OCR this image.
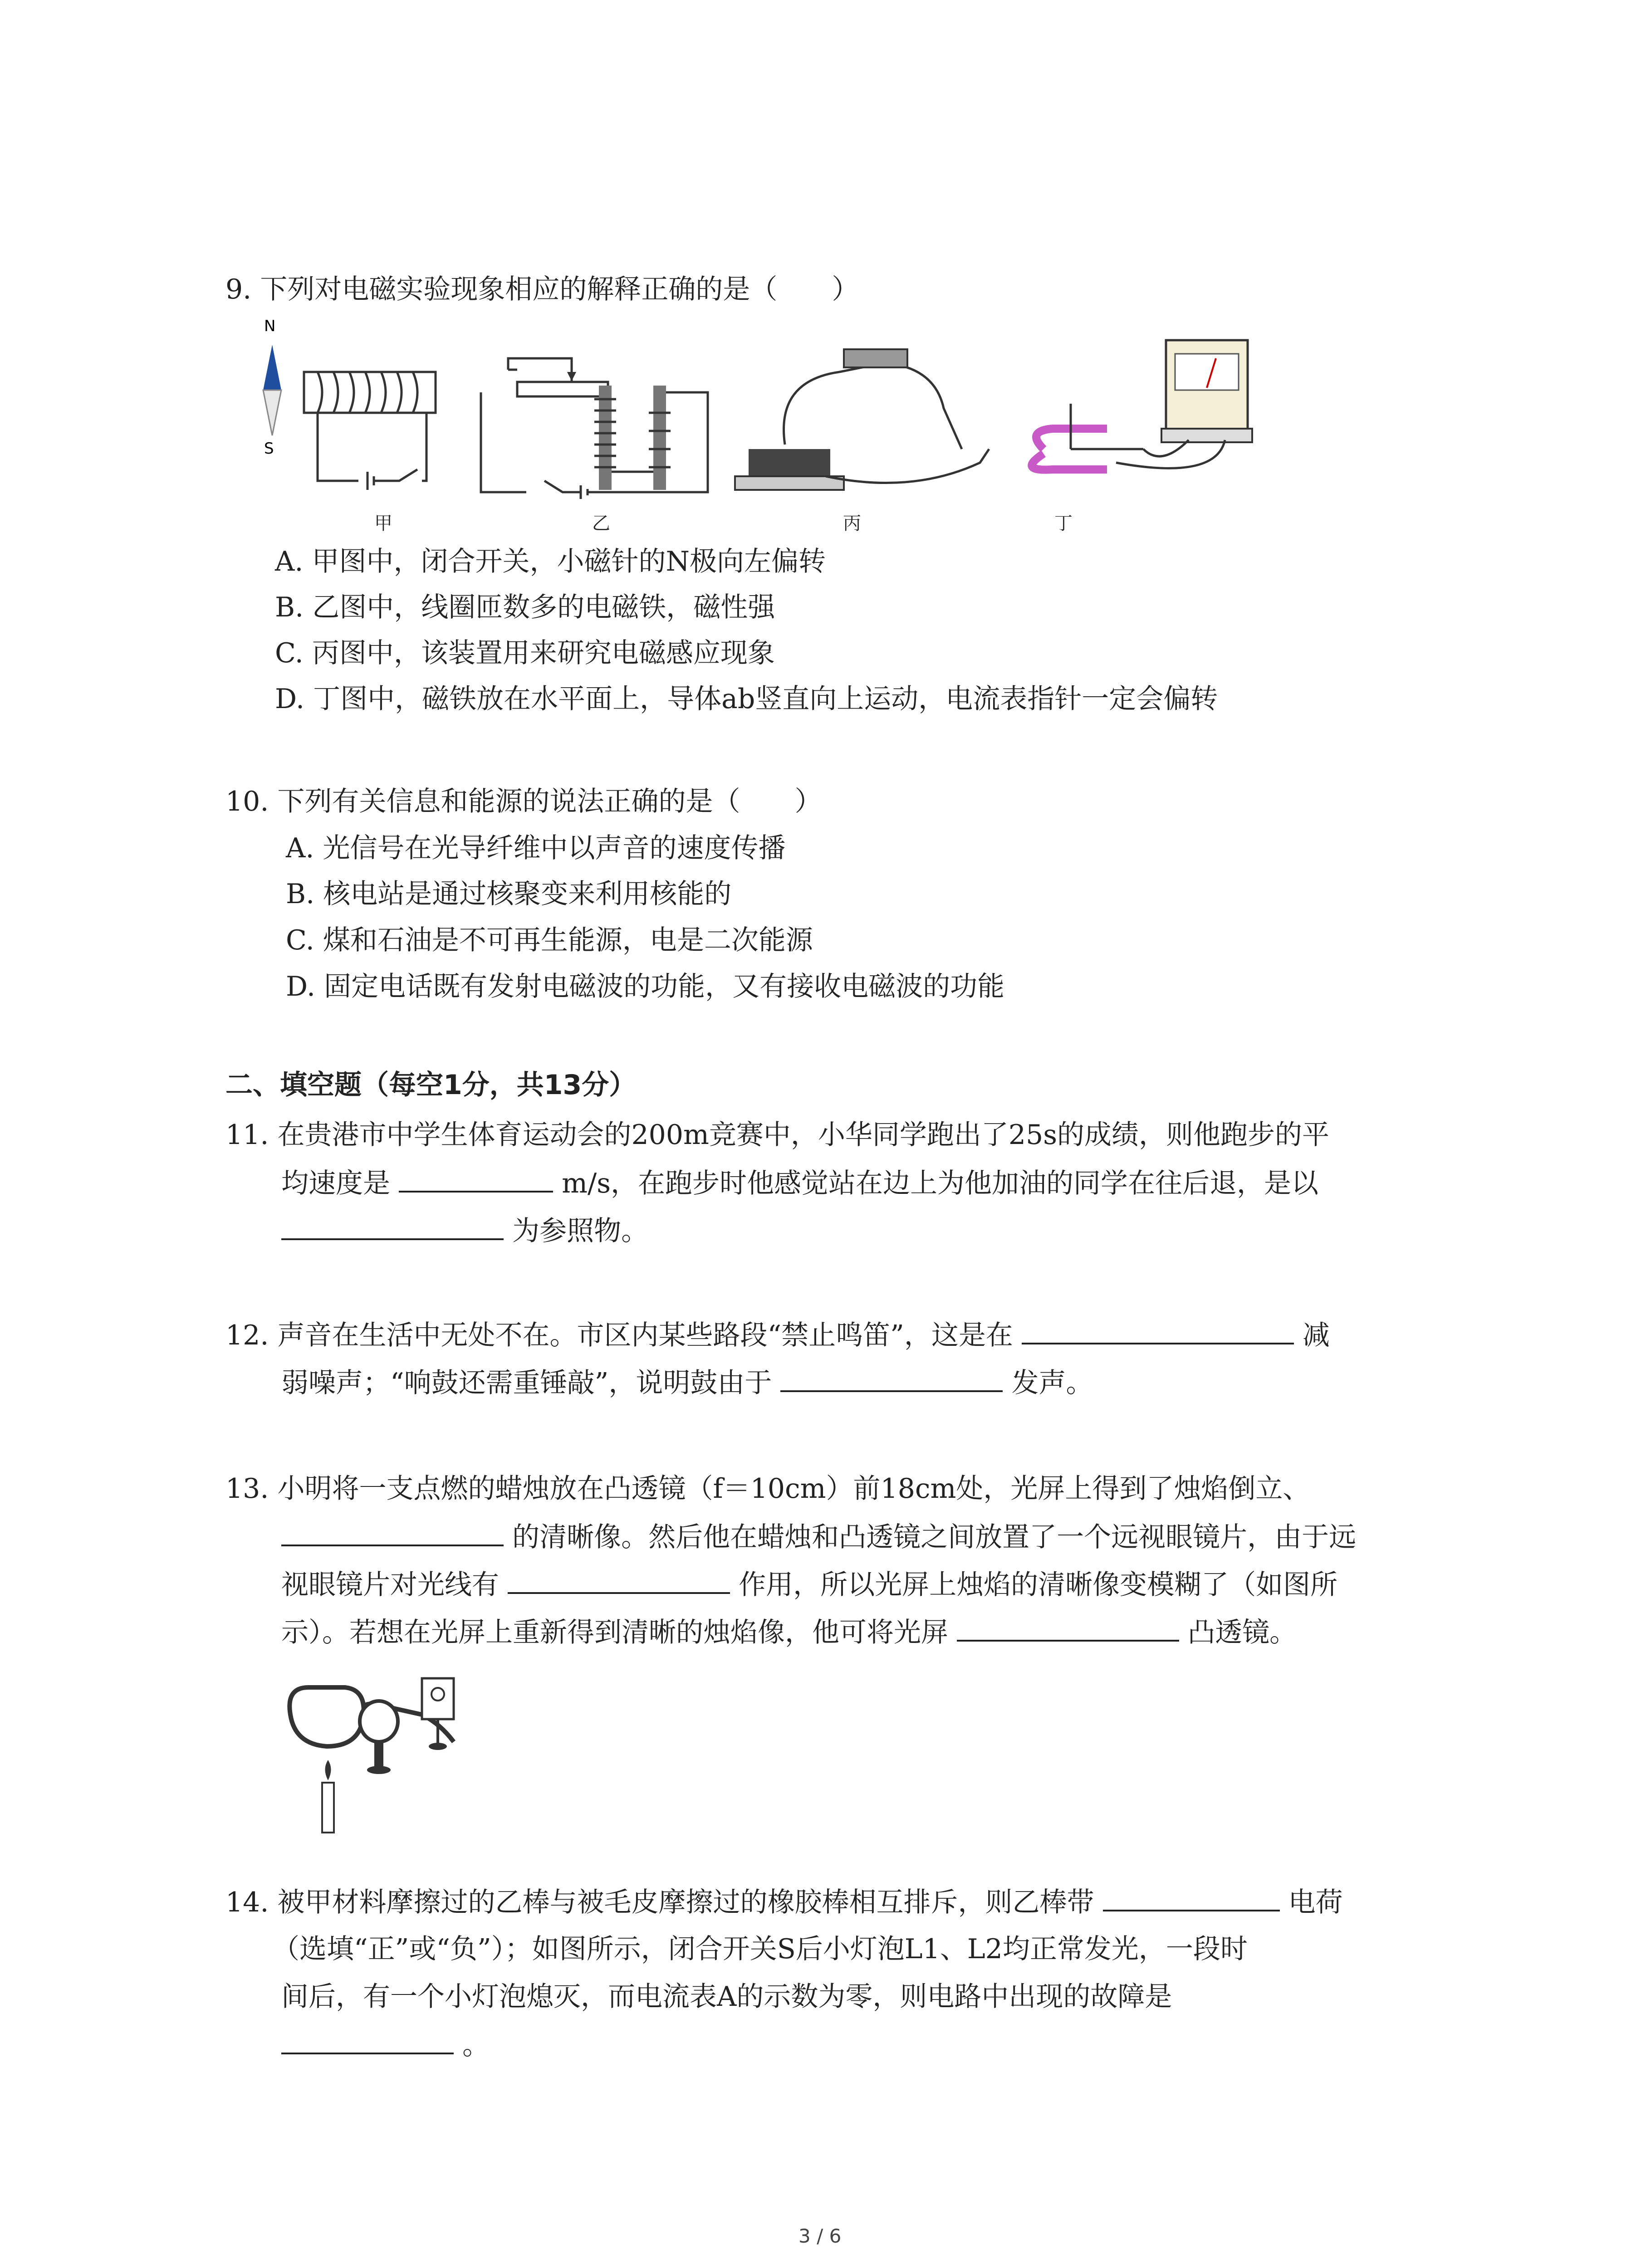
9. 下列对电磁实验现象相应的解释正确的是（　　）
N
S
甲	乙	丙	丁
A. 甲图中，闭合开关，小磁针的N极向左偏转
B. 乙图中，线圈匝数多的电磁铁，磁性强
C. 丙图中，该装置用来研究电磁感应现象
D. 丁图中，磁铁放在水平面上，导体ab竖直向上运动，电流表指针一定会偏转
10. 下列有关信息和能源的说法正确的是（　　）
A. 光信号在光导纤维中以声音的速度传播
B. 核电站是通过核聚变来利用核能的
C. 煤和石油是不可再生能源，电是二次能源
D. 固定电话既有发射电磁波的功能，又有接收电磁波的功能
二、填空题（每空1分，共13分）
11. 在贵港市中学生体育运动会的200m竞赛中，小华同学跑出了25s的成绩，则他跑步的平
均速度是	m/s，在跑步时他感觉站在边上为他加油的同学在往后退，是以
为参照物。
12. 声音在生活中无处不在。市区内某些路段“禁止鸣笛”，这是在	减
弱噪声；“响鼓还需重锤敲”，说明鼓由于	发声。
13. 小明将一支点燃的蜡烛放在凸透镜（f＝10cm）前18cm处，光屏上得到了烛焰倒立、
的清晰像。然后他在蜡烛和凸透镜之间放置了一个远视眼镜片，由于远
视眼镜片对光线有	作用，所以光屏上烛焰的清晰像变模糊了（如图所
示）。若想在光屏上重新得到清晰的烛焰像，他可将光屏	凸透镜。
14. 被甲材料摩擦过的乙棒与被毛皮摩擦过的橡胶棒相互排斥，则乙棒带	电荷
（选填“正”或“负”）；如图所示，闭合开关S后小灯泡L1、L2均正常发光，一段时
间后，有一个小灯泡熄灭，而电流表A的示数为零，则电路中出现的故障是
。
3 / 6
